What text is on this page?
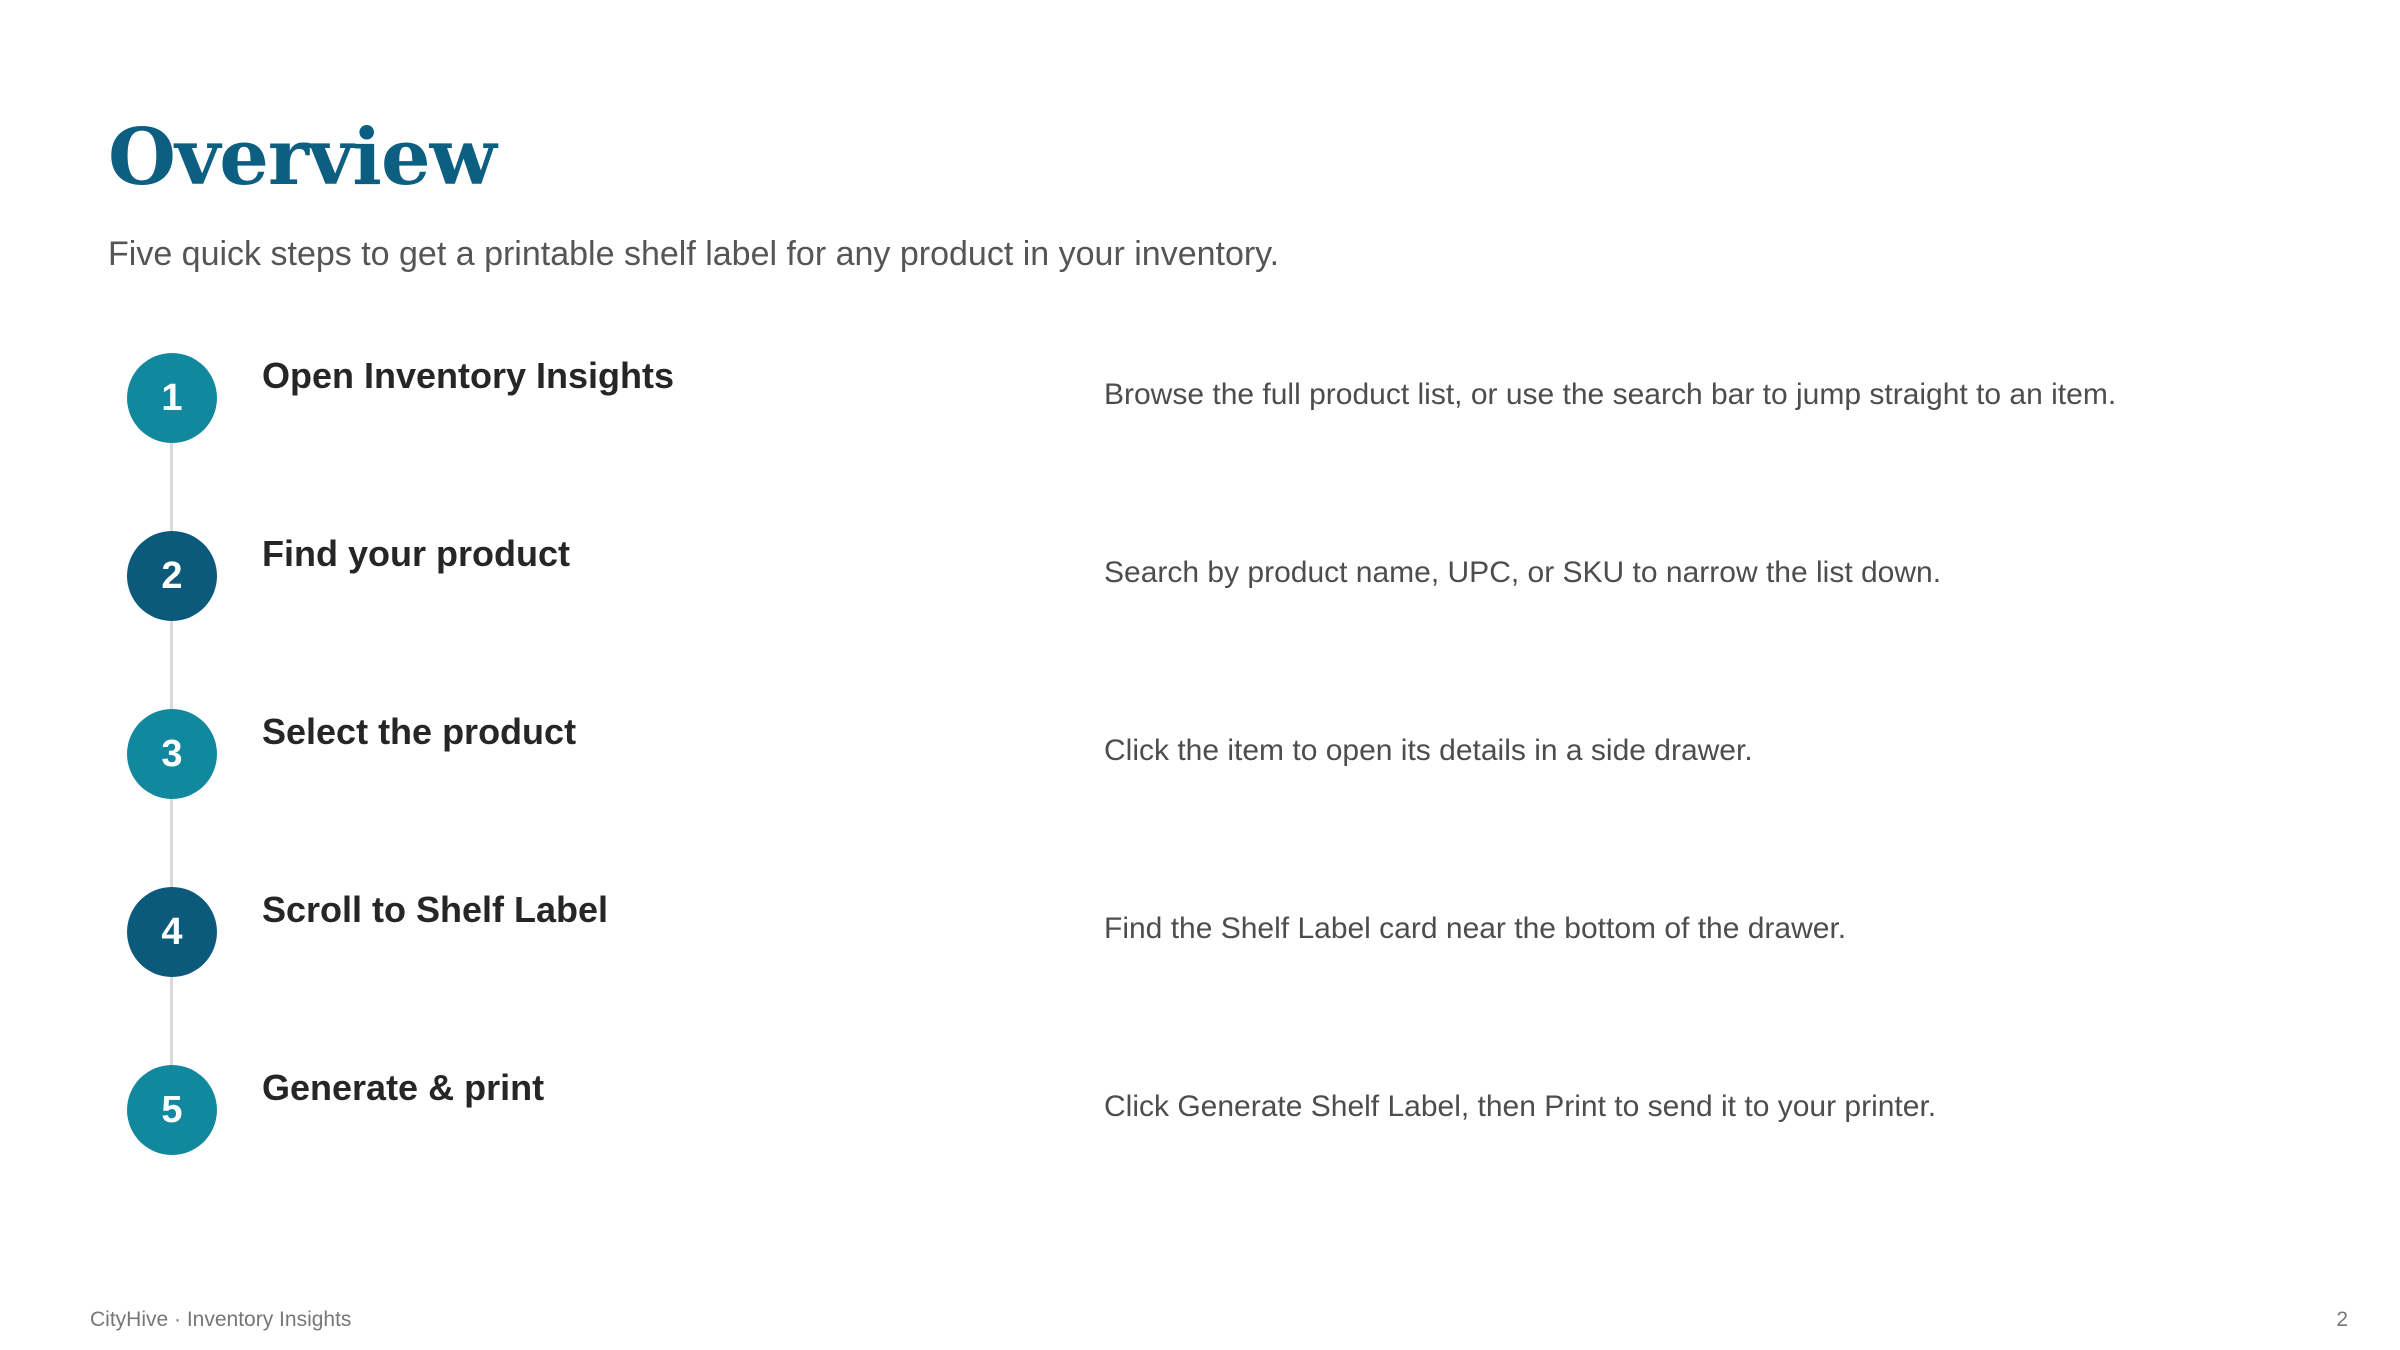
Overview

Five quick steps to get a printable shelf label for any product in your inventory.

1
Open Inventory Insights	Browse the full product list, or use the search bar to jump straight to an item.
2
Find your product	Search by product name, UPC, or SKU to narrow the list down.
3
Select the product	Click the item to open its details in a side drawer.
4
Scroll to Shelf Label	Find the Shelf Label card near the bottom of the drawer.
5
Generate & print	Click Generate Shelf Label, then Print to send it to your printer.
CityHive · Inventory Insights	2
